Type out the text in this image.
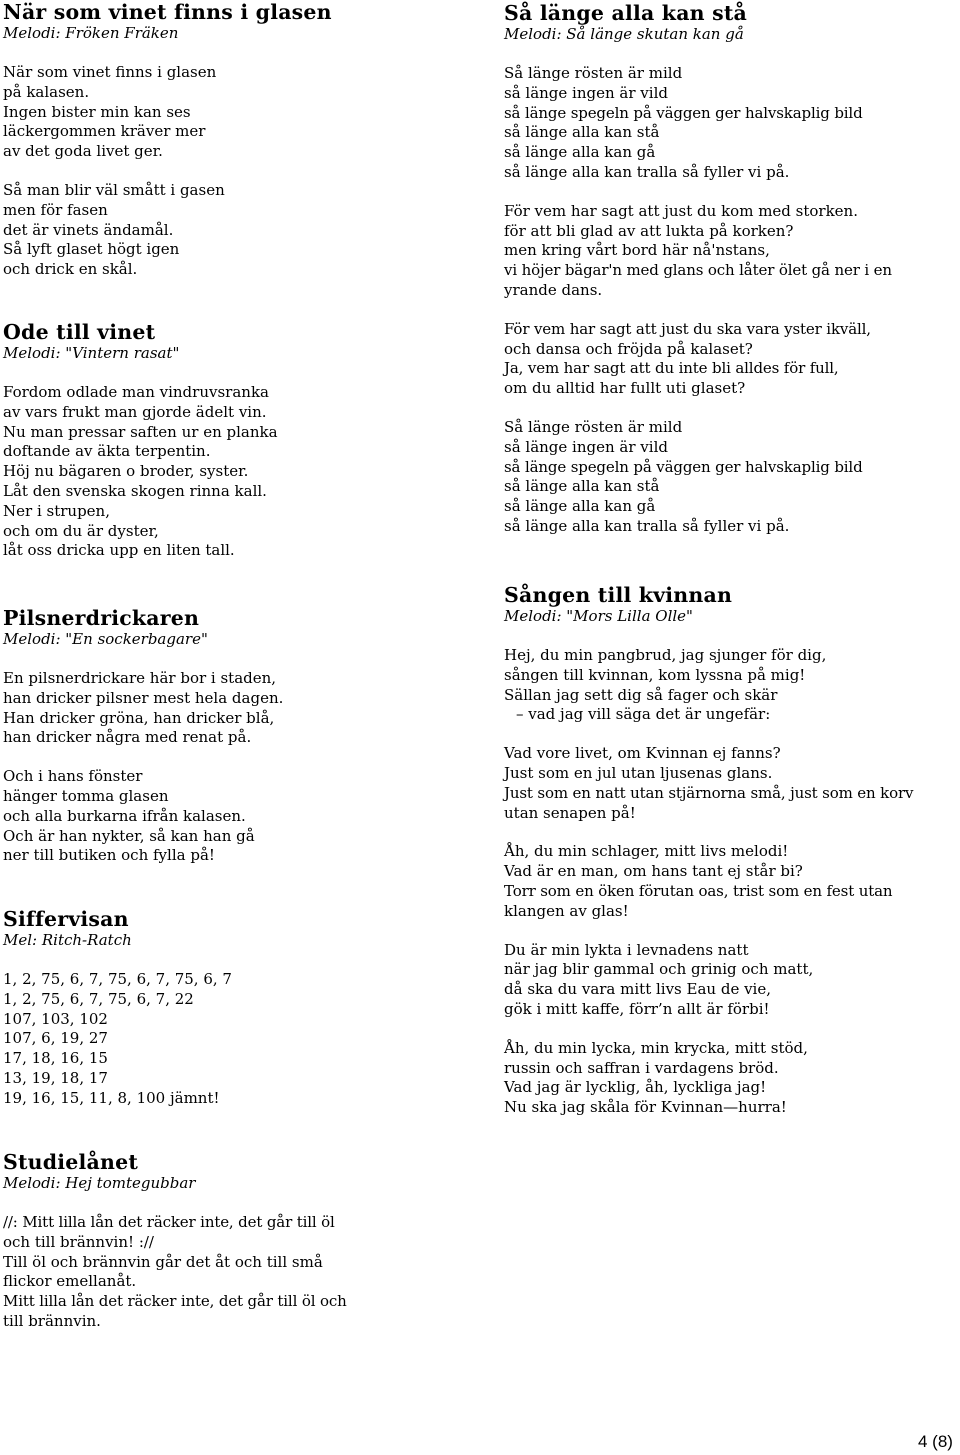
När som vinet finns i glasen
Melodi: Fröken Fräken
När som vinet finns i glasen
på kalasen.
Ingen bister min kan ses
läckergommen kräver mer
av det goda livet ger.
Så man blir väl smått i gasen
men för fasen
det är vinets ändamål.
Så lyft glaset högt igen
och drick en skål.
Ode till vinet
Melodi: "Vintern rasat"
Fordom odlade man vindruvsranka
av vars frukt man gjorde ädelt vin.
Nu man pressar saften ur en planka
doftande av äkta terpentin.
Höj nu bägaren o broder, syster.
Låt den svenska skogen rinna kall.
Ner i strupen,
och om du är dyster,
låt oss dricka upp en liten tall.
Pilsnerdrickaren
Melodi: "En sockerbagare"
En pilsnerdrickare här bor i staden,
han dricker pilsner mest hela dagen.
Han dricker gröna, han dricker blå,
han dricker några med renat på.
Och i hans fönster
hänger tomma glasen
och alla burkarna ifrån kalasen.
Och är han nykter, så kan han gå
ner till butiken och fylla på!
Siffervisan
Mel: Ritch-Ratch
1, 2, 75, 6, 7, 75, 6, 7, 75, 6, 7
1, 2, 75, 6, 7, 75, 6, 7, 22
107, 103, 102
107, 6, 19, 27
17, 18, 16, 15
13, 19, 18, 17
19, 16, 15, 11, 8, 100 jämnt!
Studielånet
Melodi: Hej tomtegubbar
//: Mitt lilla lån det räcker inte, det går till öl
och till brännvin! ://
Till öl och brännvin går det åt och till små
flickor emellanåt.
Mitt lilla lån det räcker inte, det går till öl och
till brännvin.
Så länge alla kan stå
Melodi: Så länge skutan kan gå
Så länge rösten är mild
så länge ingen är vild
så länge spegeln på väggen ger halvskaplig bild
så länge alla kan stå
så länge alla kan gå
så länge alla kan tralla så fyller vi på.
För vem har sagt att just du kom med storken.
för att bli glad av att lukta på korken?
men kring vårt bord här nå'nstans,
vi höjer bägar'n med glans och låter ölet gå ner i en
yrande dans.
För vem har sagt att just du ska vara yster ikväll,
och dansa och fröjda på kalaset?
Ja, vem har sagt att du inte bli alldes för full,
om du alltid har fullt uti glaset?
Så länge rösten är mild
så länge ingen är vild
så länge spegeln på väggen ger halvskaplig bild
så länge alla kan stå
så länge alla kan gå
så länge alla kan tralla så fyller vi på.
Sången till kvinnan
Melodi: "Mors Lilla Olle"
Hej, du min pangbrud, jag sjunger för dig,
sången till kvinnan, kom lyssna på mig!
Sällan jag sett dig så fager och skär
– vad jag vill säga det är ungefär:
Vad vore livet, om Kvinnan ej fanns?
Just som en jul utan ljusenas glans.
Just som en natt utan stjärnorna små, just som en korv
utan senapen på!
Åh, du min schlager, mitt livs melodi!
Vad är en man, om hans tant ej står bi?
Torr som en öken förutan oas, trist som en fest utan
klangen av glas!
Du är min lykta i levnadens natt
när jag blir gammal och grinig och matt,
då ska du vara mitt livs Eau de vie,
gök i mitt kaffe, förr’n allt är förbi!
Åh, du min lycka, min krycka, mitt stöd,
russin och saffran i vardagens bröd.
Vad jag är lycklig, åh, lyckliga jag!
Nu ska jag skåla för Kvinnan—hurra!
4 (8)
